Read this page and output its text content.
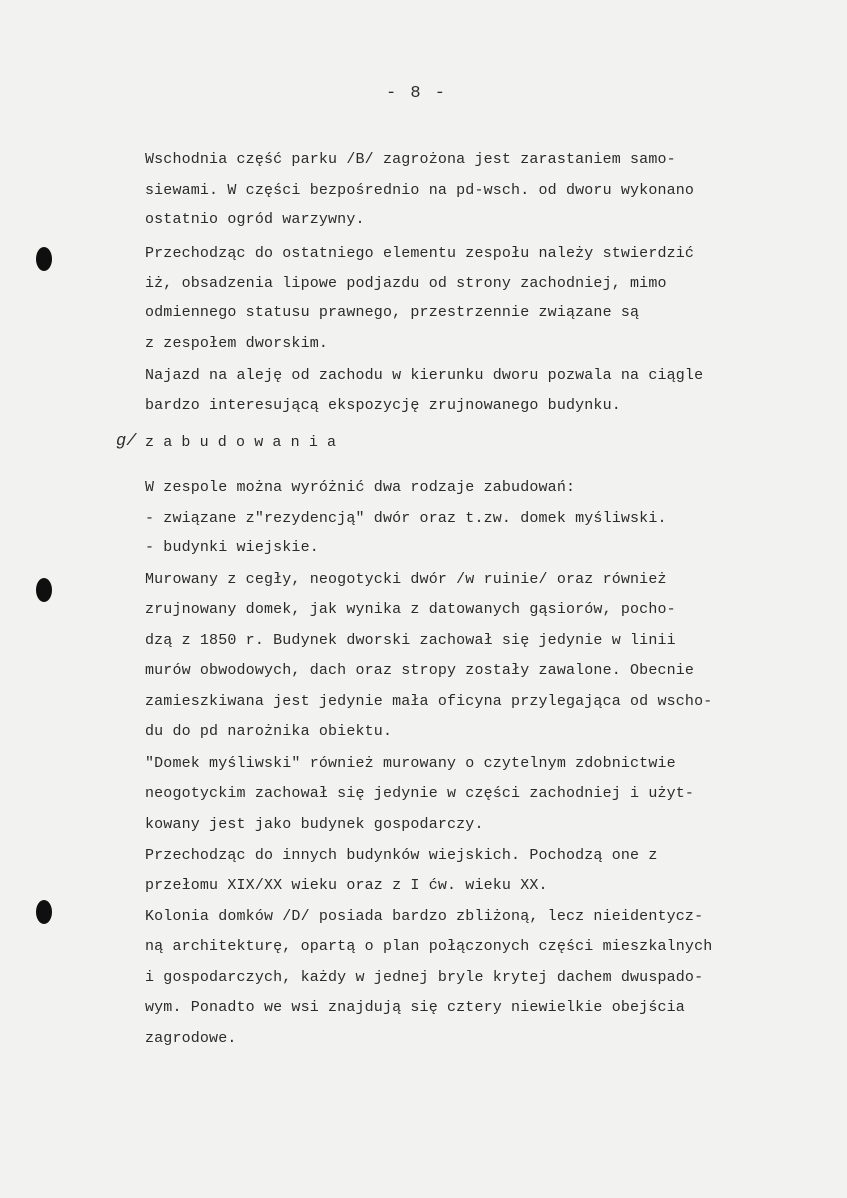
- 8 -
Wschodnia część parku /B/ zagrożona jest zarastaniem samo-
siewami. W części bezpośrednio na pd-wsch. od dworu wykonano
ostatnio ogród warzywny.
Przechodząc do ostatniego elementu zespołu należy stwierdzić
iż, obsadzenia lipowe podjazdu od strony zachodniej, mimo
odmiennego statusu prawnego, przestrzennie związane są
z zespołem dworskim.
Najazd na aleję od zachodu w kierunku dworu pozwala na ciągle
bardzo interesującą ekspozycję zrujnowanego budynku.
g/ zabudowania
W zespole można wyróżnić dwa rodzaje zabudowań:
- związane z"rezydencją" dwór oraz t.zw. domek myśliwski.
- budynki wiejskie.
Murowany z cegły, neogotycki dwór /w ruinie/ oraz również
zrujnowany domek, jak wynika z datowanych gąsiorów, pocho-
dzą z 1850 r. Budynek dworski zachował się jedynie w linii
murów obwodowych, dach oraz stropy zostały zawalone. Obecnie
zamieszkiwana jest jedynie mała oficyna przylegająca od wscho-
du do pd narożnika obiektu.
"Domek myśliwski" również murowany o czytelnym zdobnictwie
neogotyckim zachował się jedynie w części zachodniej i użyt-
kowany jest jako budynek gospodarczy.
Przechodząc do innych budynków wiejskich. Pochodzą one z
przełomu XIX/XX wieku oraz z I ćw. wieku XX.
Kolonia domków /D/ posiada bardzo zbliżoną, lecz nieidentycz-
ną architekturę, opartą o plan połączonych części mieszkalnych
i gospodarczych, każdy w jednej bryle krytej dachem dwuspado-
wym. Ponadto we wsi znajdują się cztery niewielkie obejścia
zagrodowe.
